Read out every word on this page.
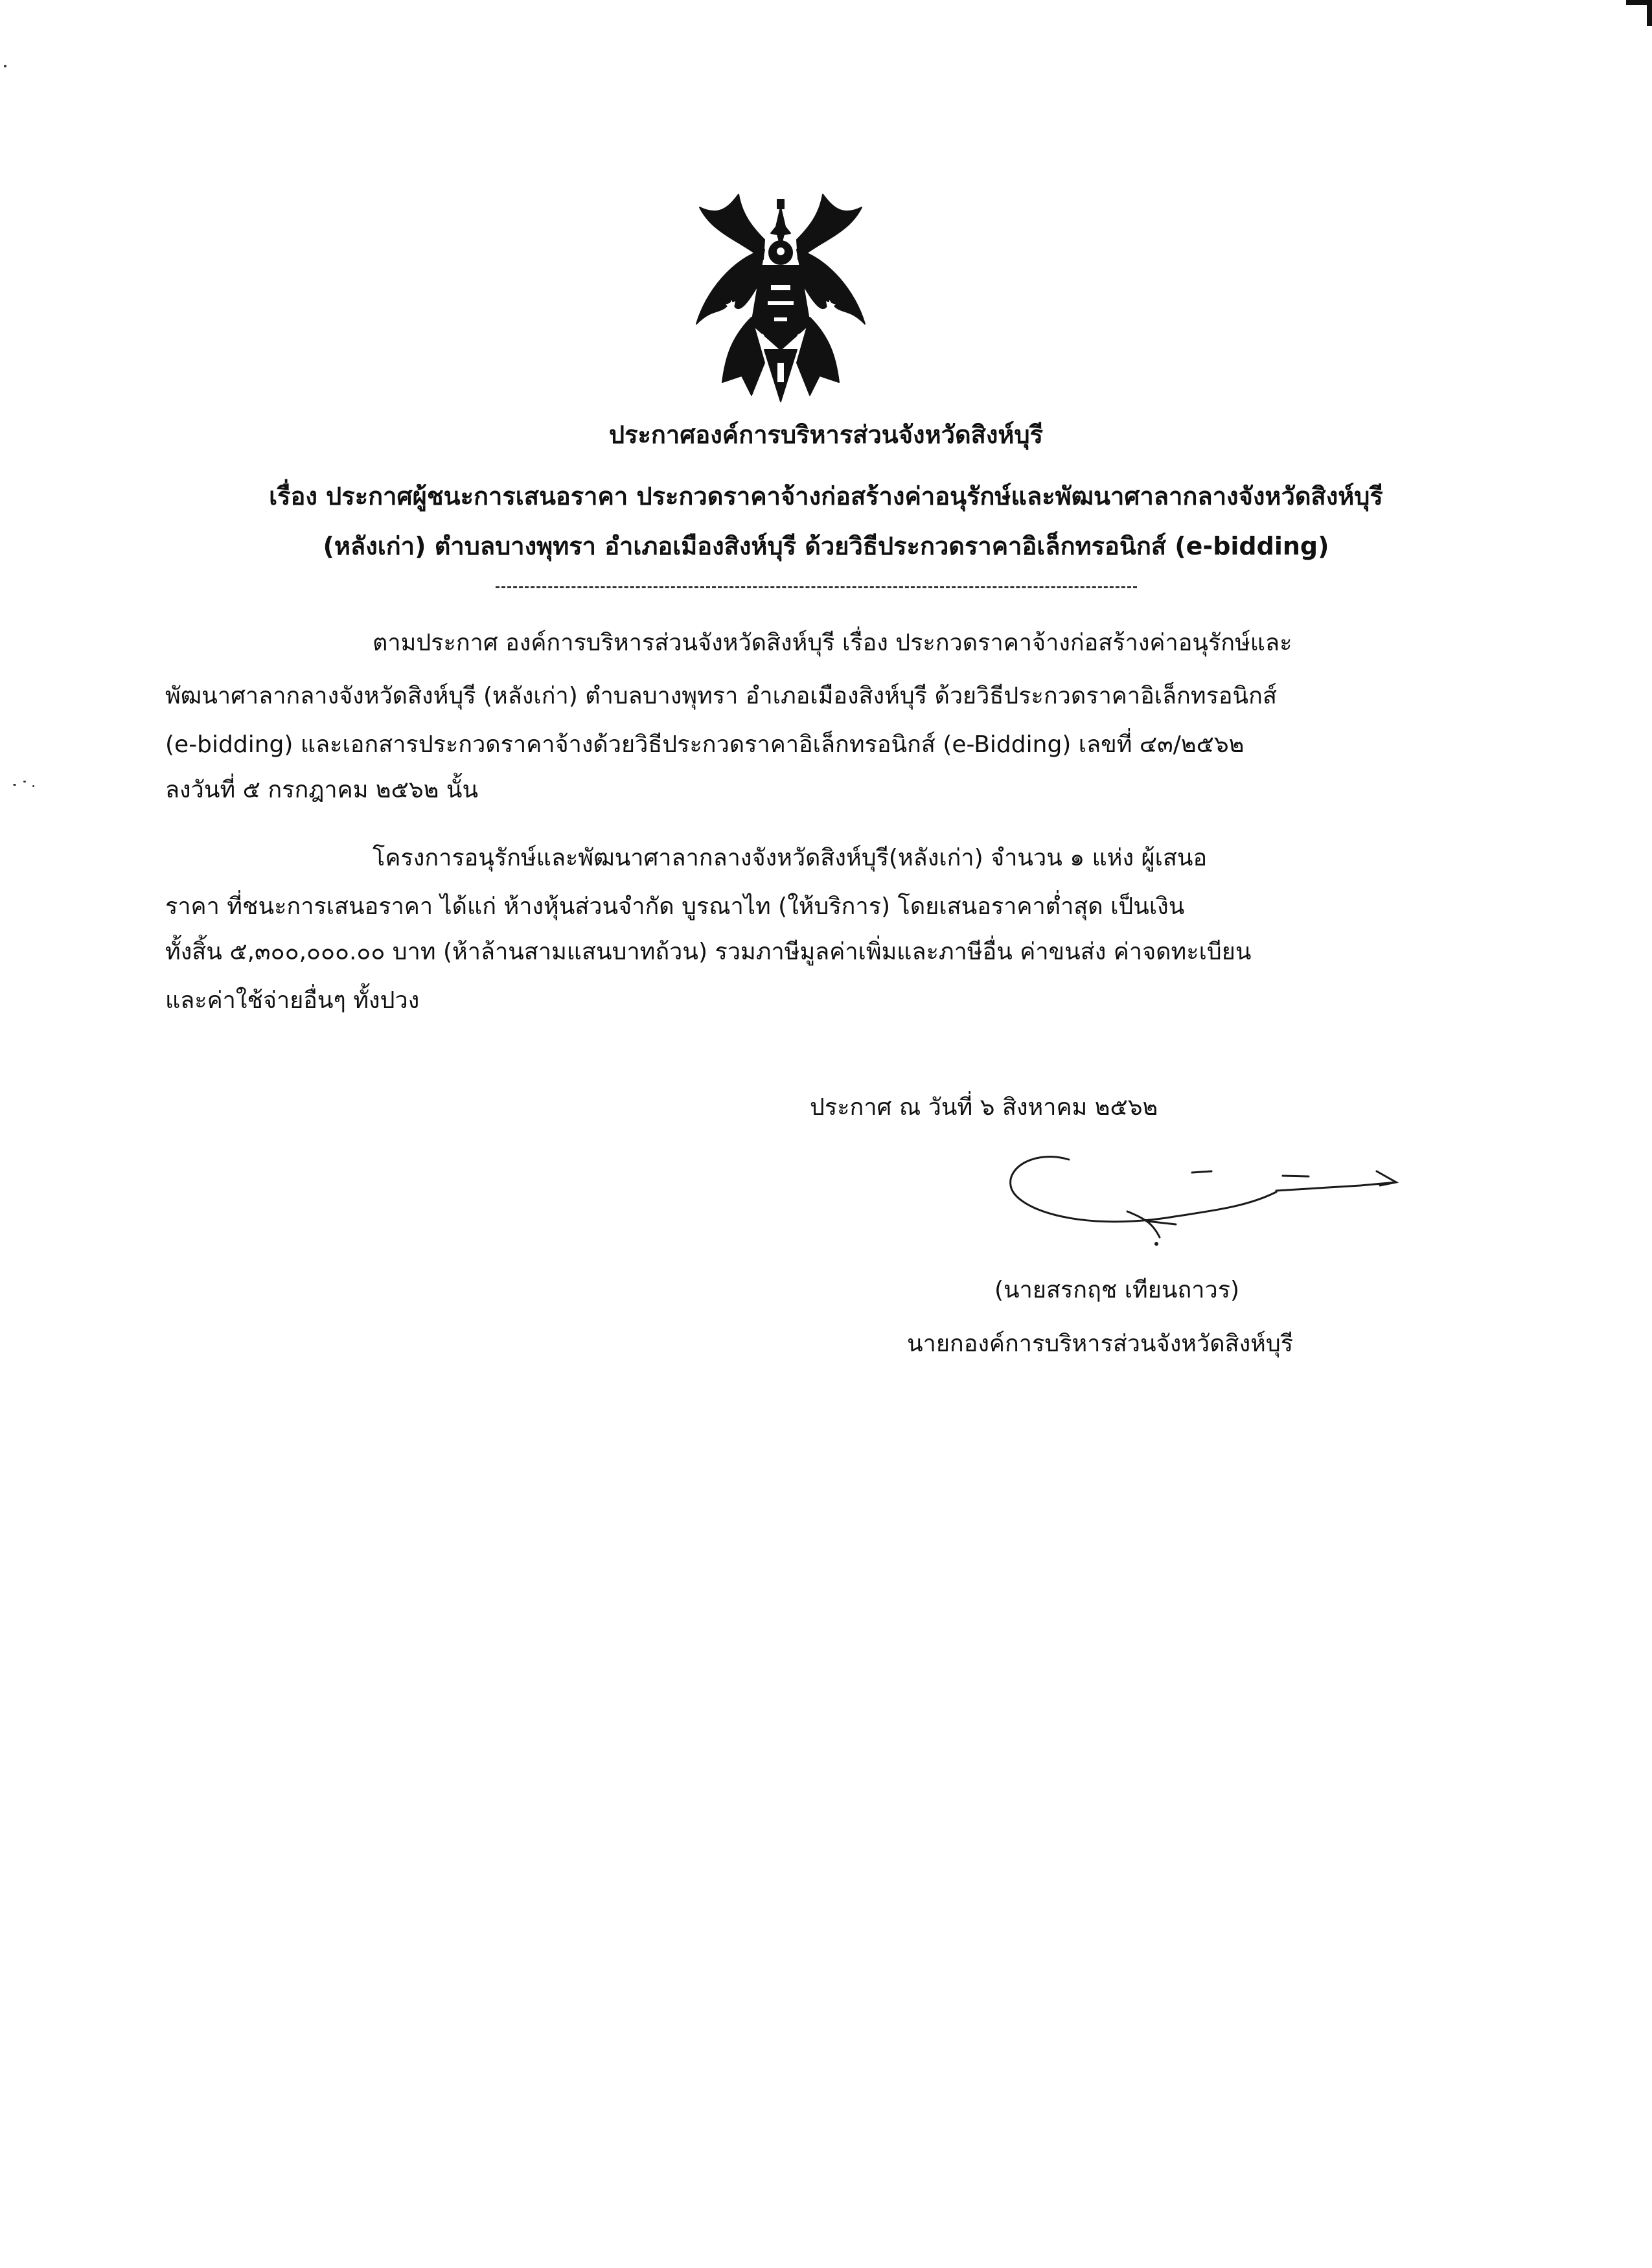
ประกาศองค์การบริหารส่วนจังหวัดสิงห์บุรี
เรื่อง ประกาศผู้ชนะการเสนอราคา ประกวดราคาจ้างก่อสร้างค่าอนุรักษ์และพัฒนาศาลากลางจังหวัดสิงห์บุรี
(หลังเก่า) ตำบลบางพุทรา อำเภอเมืองสิงห์บุรี ด้วยวิธีประกวดราคาอิเล็กทรอนิกส์ (e-bidding)
ตามประกาศ องค์การบริหารส่วนจังหวัดสิงห์บุรี เรื่อง ประกวดราคาจ้างก่อสร้างค่าอนุรักษ์และ
พัฒนาศาลากลางจังหวัดสิงห์บุรี (หลังเก่า) ตำบลบางพุทรา อำเภอเมืองสิงห์บุรี ด้วยวิธีประกวดราคาอิเล็กทรอนิกส์
(e-bidding) และเอกสารประกวดราคาจ้างด้วยวิธีประกวดราคาอิเล็กทรอนิกส์ (e-Bidding) เลขที่ ๔๓/๒๕๖๒
ลงวันที่ ๕ กรกฎาคม ๒๕๖๒ นั้น
โครงการอนุรักษ์และพัฒนาศาลากลางจังหวัดสิงห์บุรี(หลังเก่า) จำนวน ๑ แห่ง ผู้เสนอ
ราคา ที่ชนะการเสนอราคา ได้แก่ ห้างหุ้นส่วนจำกัด บูรณาไท (ให้บริการ) โดยเสนอราคาต่ำสุด เป็นเงิน
ทั้งสิ้น ๕,๓๐๐,๐๐๐.๐๐ บาท (ห้าล้านสามแสนบาทถ้วน) รวมภาษีมูลค่าเพิ่มและภาษีอื่น ค่าขนส่ง ค่าจดทะเบียน
และค่าใช้จ่ายอื่นๆ ทั้งปวง
ประกาศ ณ วันที่ ๖ สิงหาคม ๒๕๖๒
(นายสรกฤช เทียนถาวร)
นายกองค์การบริหารส่วนจังหวัดสิงห์บุรี
